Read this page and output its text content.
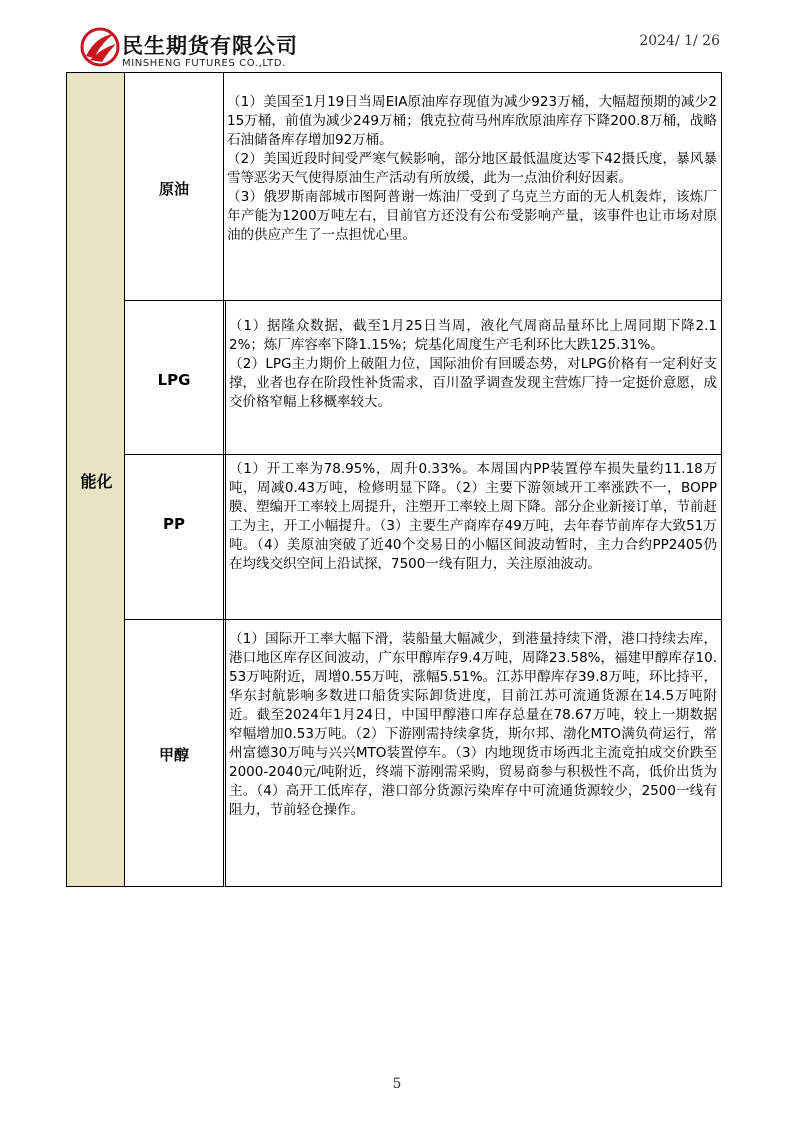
民生期货有限公司
MINSHENG FUTURES CO.,LTD.
2024/ 1/ 26
能化
原油

（1）美国至1月19日当周EIA原油库存现值为减少923万桶，大幅超预期的减少215万桶，前值为减少249万桶；俄克拉荷马州库欣原油库存下降200.8万桶，战略石油储备库存增加92万桶。

（2）美国近段时间受严寒气候影响，部分地区最低温度达零下42摄氏度，暴风暴雪等恶劣天气使得原油生产活动有所放缓，此为一点油价利好因素。

（3）俄罗斯南部城市图阿普谢一炼油厂受到了乌克兰方面的无人机轰炸，该炼厂年产能为1200万吨左右，目前官方还没有公布受影响产量，该事件也让市场对原油的供应产生了一点担忧心里。

LPG

（1）据隆众数据，截至1月25日当周，液化气周商品量环比上周同期下降2.12%；炼厂库容率下降1.15%；烷基化周度生产毛利环比大跌125.31%。

（2）LPG主力期价上破阻力位，国际油价有回暖态势，对LPG价格有一定利好支撑，业者也存在阶段性补货需求，百川盈孚调查发现主营炼厂持一定挺价意愿，成交价格窄幅上移概率较大。

PP

（1）开工率为78.95%，周升0.33%。本周国内PP装置停车损失量约11.18万吨，周减0.43万吨，检修明显下降。（2）主要下游领域开工率涨跌不一，BOPP膜、塑编开工率较上周提升，注塑开工率较上周下降。部分企业新接订单，节前赶工为主，开工小幅提升。（3）主要生产商库存49万吨，去年春节前库存大致51万吨。（4）美原油突破了近40个交易日的小幅区间波动暂时，主力合约PP2405仍在均线交织空间上沿试探，7500一线有阻力，关注原油波动。

甲醇

（1）国际开工率大幅下滑，装船量大幅减少，到港量持续下滑，港口持续去库，港口地区库存区间波动，广东甲醇库存9.4万吨，周降23.58%，福建甲醇库存10.53万吨附近，周增0.55万吨，涨幅5.51%。江苏甲醇库存39.8万吨，环比持平，华东封航影响多数进口船货实际卸货进度，目前江苏可流通货源在14.5万吨附近。截至2024年1月24日，中国甲醇港口库存总量在78.67万吨，较上一期数据窄幅增加0.53万吨。（2）下游刚需持续拿货，斯尔邦、渤化MTO满负荷运行，常州富德30万吨与兴兴MTO装置停车。（3）内地现货市场西北主流竞拍成交价跌至2000-2040元/吨附近，终端下游刚需采购，贸易商参与积极性不高，低价出货为主。（4）高开工低库存，港口部分货源污染库存中可流通货源较少，2500一线有阻力，节前轻仓操作。

5
